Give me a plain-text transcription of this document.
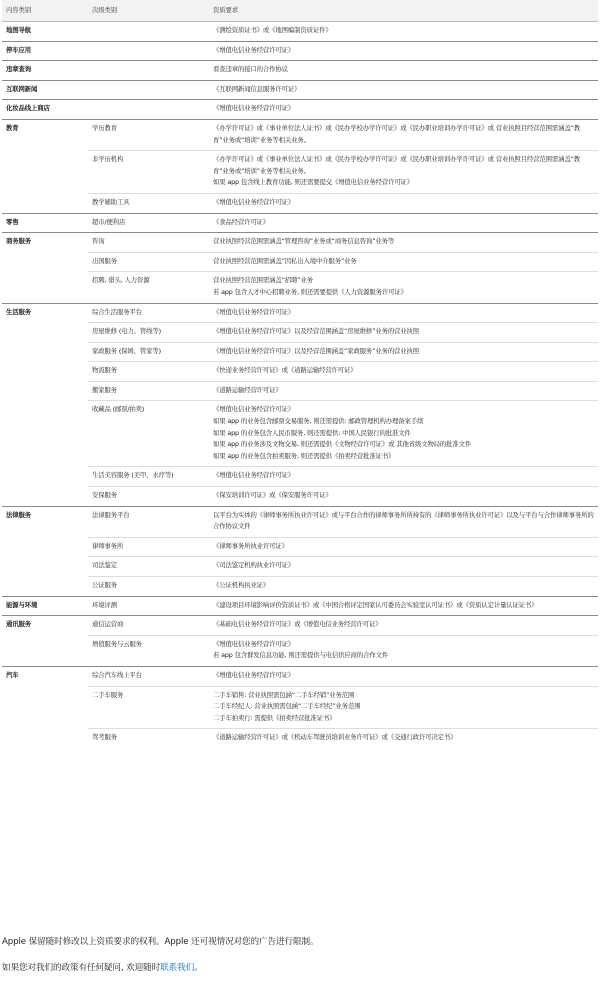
内容类别	次级类别	资质要求
地图导航		《测绘资质证书》或《地图编制资质证件》

停车应用		《增值电信业务经营许可证》

违章查询		看查违章的接口的合作协议

互联网新闻		《互联网新闻信息服务许可证》

化妆品线上商店		《增值电信业务经营许可证》

教育	学历教育	《办学许可证》或《事业单位法人证书》或《民办学校办学许可证》或《民办职业培训办学许可证》或 营业执照且经营范围需涵盖“教育”业务或“培训”业务等相关业务。

	非学历机构	《办学许可证》或《事业单位法人证书》或《民办学校办学许可证》或《民办职业培训办学许可证》或 营业执照且经营范围需涵盖“教育”业务或“培训”业务等相关业务。
如果 app 包含线上教育功能, 则还需要提交《增值电信业务经营许可证》

	教学辅助工具	《增值电信业务经营许可证》

零售	超市/便利店	《食品经营许可证》

商务服务	咨询	营业执照经营范围需涵盖“管理咨询”业务或“商务信息咨询”业务等

	出国服务	营业执照经营范围需涵盖“因私出入境中介服务”业务

	招聘, 猎头, 人力资源	营业执照经营范围需涵盖“招聘”业务
若 app 包含人才中心招聘业务, 则还需要提供《人力资源服务许可证》

生活服务	综合生活服务平台	《增值电信业务经营许可证》

	房屋维修 (电力、管线等)	《增值电信业务经营许可证》以及经营范围涵盖“房屋维修”业务的营业执照

	家政服务 (保姆、管家等)	《增值电信业务经营许可证》以及经营范围涵盖“家政服务”业务的营业执照

	物流服务	《快递业务经营许可证》或《道路运输经营许可证》

	搬家服务	《道路运输经营许可证》

	收藏品 (邮票/拍卖)	《增值电信业务经营许可证》
如果 app 的业务包含邮票交易服务, 则还需提供: 邮政管理机构办理备案手续
如果 app 的业务包含人民币服务, 则还需提供: 中国人民银行的批准文件
如果 app 的业务涉及文物交易, 则还需提供《文物经营许可证》或 其他省级文物局的批准文件
如果 app 的业务包含拍卖服务, 则还需提供《拍卖经营批准证书》

	生活美容服务 (美甲、水疗等)	《增值电信业务经营许可证》

	安保服务	《保安培训许可证》或《保安服务许可证》

法律服务	法律服务平台	以平台为实体的《律师事务所执业许可证》或与平台合作的律师事务所所持有的《律师事务所执业许可证》以及与平台与合作律师事务所的合作协议文件

	律师事务所	《律师事务所执业许可证》

	司法鉴定	《司法鉴定机构执业许可证》

	公证服务	《公证机构执业证》

能源与环境	环境评测	《建设项目环境影响评价资质证书》或《中国合格评定国家认可委员会实验室认可证书》或《资质认定计量认证证书》

通讯服务	通信运营商	《基础电信业务经营许可证》或《增值电信业务经营许可证》

	增值服务与云服务	《增值电信业务经营许可证》
若 app 包含群发信息功能, 则还需提供与电信供应商的合作文件

汽车	综合汽车线上平台	《增值电信业务经营许可证》

	二手车服务	二手车销售: 营业执照需包涵“二手车经销”业务范围
二手车经纪人: 营业执照需包涵“二手车经纪”业务范围
二手车拍卖行: 需提供《拍卖经营批准证书》

	驾考服务	《道路运输经营许可证》或《机动车驾驶员培训业务许可证》或《交通行政许可决定书》

Apple 保留随时修改以上资质要求的权利。Apple 还可视情况对您的广告进行限制。

如果您对我们的政策有任何疑问, 欢迎随时联系我们。
